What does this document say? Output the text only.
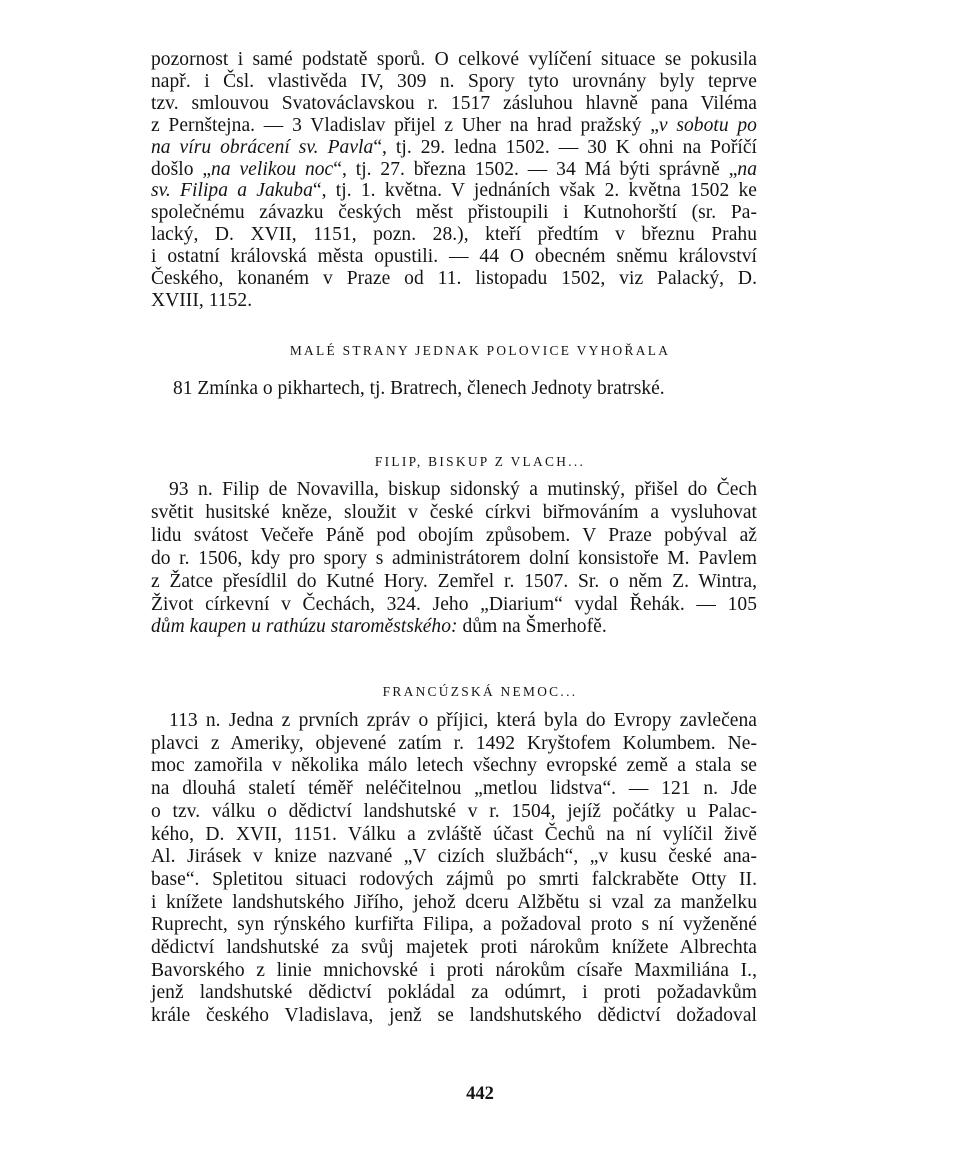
pozornost i samé podstatě sporů. O celkové vylíčení situace se pokusila
např. i Čsl. vlastivěda IV, 309 n. Spory tyto urovnány byly teprve
tzv. smlouvou Svatováclavskou r. 1517 zásluhou hlavně pana Viléma
z Pernštejna. — 3 Vladislav přijel z Uher na hrad pražský „v sobotu po
na víru obrácení sv. Pavla“, tj. 29. ledna 1502. — 30 K ohni na Poříčí
došlo „na velikou noc“, tj. 27. března 1502. — 34 Má býti správně „na
sv. Filipa a Jakuba“, tj. 1. května. V jednáních však 2. května 1502 ke
společnému závazku českých měst přistoupili i Kutnohorští (sr. Pa-
lacký, D. XVII, 1151, pozn. 28.), kteří předtím v březnu Prahu
i ostatní královská města opustili. — 44 O obecném sněmu království
Českého, konaném v Praze od 11. listopadu 1502, viz Palacký, D.
XVIII, 1152.
MALÉ STRANY JEDNAK POLOVICE VYHOŘALA
81 Zmínka o pikhartech, tj. Bratrech, členech Jednoty bratrské.
FILIP, BISKUP Z VLACH...
93 n. Filip de Novavilla, biskup sidonský a mutinský, přišel do Čech
světit husitské kněze, sloužit v české církvi biřmováním a vysluhovat
lidu svátost Večeře Páně pod obojím způsobem. V Praze pobýval až
do r. 1506, kdy pro spory s administrátorem dolní konsistoře M. Pavlem
z Žatce přesídlil do Kutné Hory. Zemřel r. 1507. Sr. o něm Z. Wintra,
Život církevní v Čechách, 324. Jeho „Diarium“ vydal Řehák. — 105
dům kaupen u rathúzu staroměstského: dům na Šmerhofě.
FRANCÚZSKÁ NEMOC...
113 n. Jedna z prvních zpráv o příjici, která byla do Evropy zavlečena
plavci z Ameriky, objevené zatím r. 1492 Kryštofem Kolumbem. Ne-
moc zamořila v několika málo letech všechny evropské země a stala se
na dlouhá staletí téměř neléčitelnou „metlou lidstva“. — 121 n. Jde
o tzv. válku o dědictví landshutské v r. 1504, jejíž počátky u Palac-
kého, D. XVII, 1151. Válku a zvláště účast Čechů na ní vylíčil živě
Al. Jirásek v knize nazvané „V cizích službách“, „v kusu české ana-
base“. Spletitou situaci rodových zájmů po smrti falckraběte Otty II.
i knížete landshutského Jiřího, jehož dceru Alžbětu si vzal za manželku
Ruprecht, syn rýnského kurfiřta Filipa, a požadoval proto s ní vyženěné
dědictví landshutské za svůj majetek proti nárokům knížete Albrechta
Bavorského z linie mnichovské i proti nárokům císaře Maxmiliána I.,
jenž landshutské dědictví pokládal za odúmrt, i proti požadavkům
krále českého Vladislava, jenž se landshutského dědictví dožadoval
442
